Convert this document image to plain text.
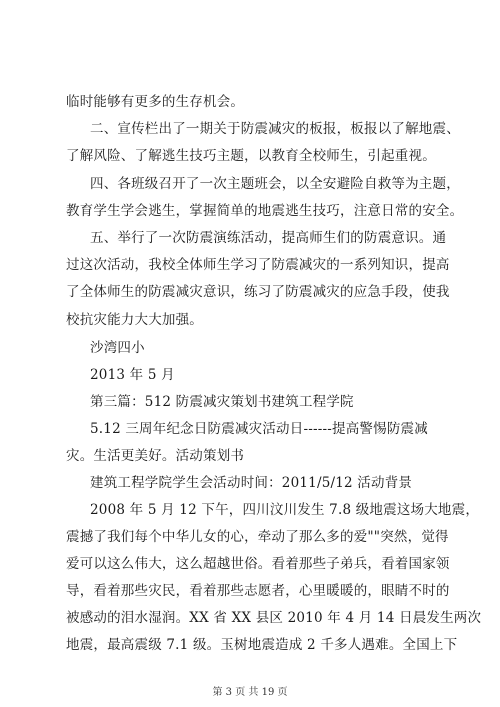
临时能够有更多的生存机会。
二、宣传栏出了一期关于防震减灾的板报，板报以了解地震、
了解风险、了解逃生技巧主题，以教育全校师生，引起重视。
四、各班级召开了一次主题班会，以全安避险自救等为主题，
教育学生学会逃生，掌握简单的地震逃生技巧，注意日常的安全。
五、举行了一次防震演练活动，提高师生们的防震意识。通
过这次活动，我校全体师生学习了防震减灾的一系列知识，提高
了全体师生的防震减灾意识，练习了防震减灾的应急手段，使我
校抗灾能力大大加强。
沙湾四小
2013 年 5 月
第三篇：512 防震减灾策划书建筑工程学院
5.12 三周年纪念日防震减灾活动日------提高警惕防震减
灾。生活更美好。活动策划书
建筑工程学院学生会活动时间：2011/5/12 活动背景
2008 年 5 月 12 下午，四川汶川发生 7.8 级地震这场大地震，
震撼了我们每个中华儿女的心，牵动了那么多的爱""突然，觉得
爱可以这么伟大，这么超越世俗。看着那些子弟兵，看着国家领
导，看着那些灾民，看着那些志愿者，心里暖暖的，眼睛不时的
被感动的泪水湿润。XX 省 XX 县区 2010 年 4 月 14 日晨发生两次
地震，最高震级 7.1 级。玉树地震造成 2 千多人遇难。全国上下
第 3 页 共 19 页
